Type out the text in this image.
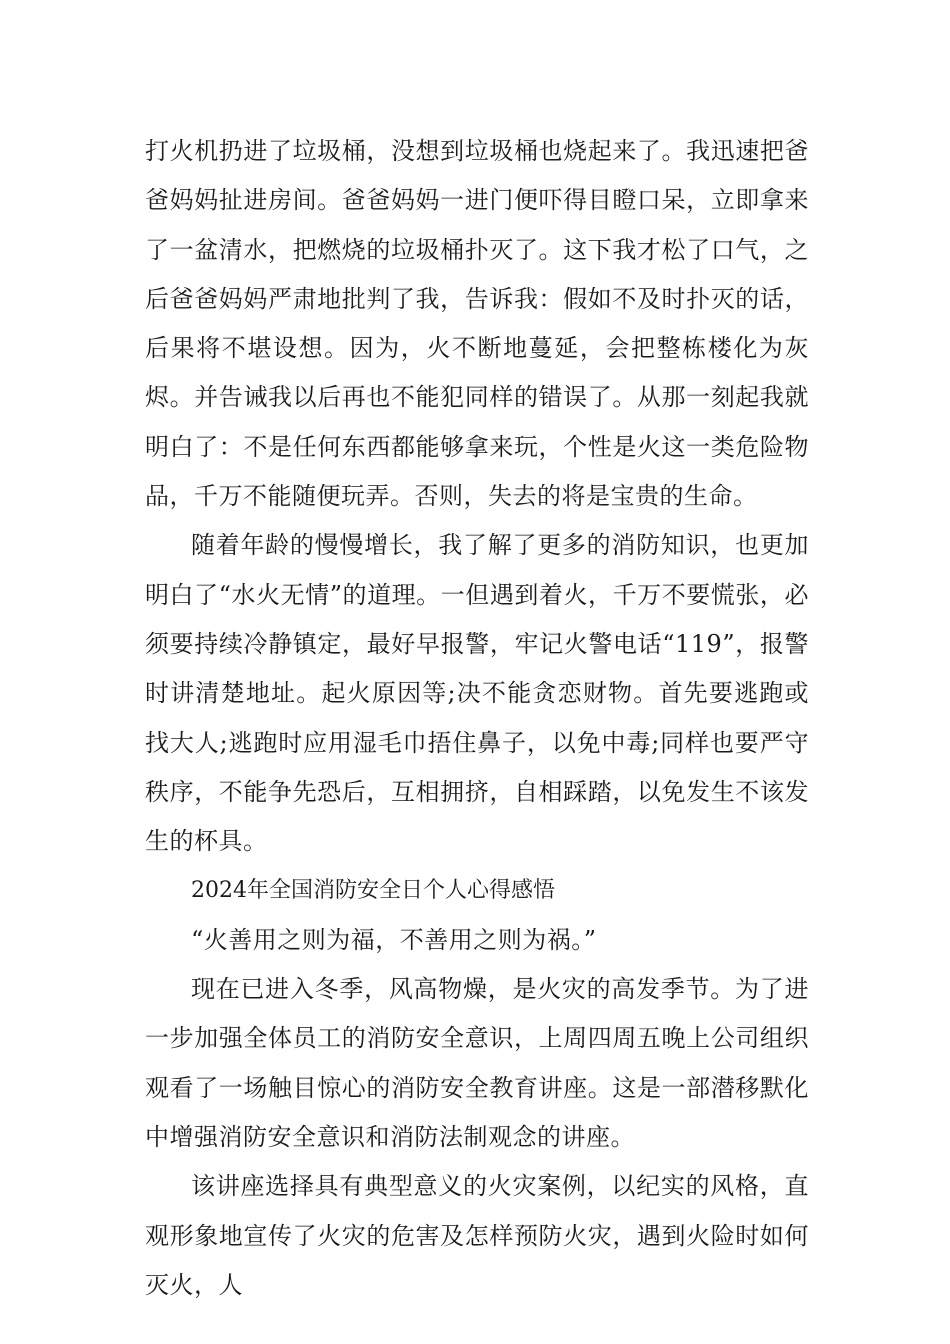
打火机扔进了垃圾桶，没想到垃圾桶也烧起来了。我迅速把爸爸妈妈扯进房间。爸爸妈妈一进门便吓得目瞪口呆，立即拿来了一盆清水，把燃烧的垃圾桶扑灭了。这下我才松了口气，之后爸爸妈妈严肃地批判了我，告诉我：假如不及时扑灭的话，后果将不堪设想。因为，火不断地蔓延，会把整栋楼化为灰烬。并告诫我以后再也不能犯同样的错误了。从那一刻起我就明白了：不是任何东西都能够拿来玩，个性是火这一类危险物品，千万不能随便玩弄。否则，失去的将是宝贵的生命。

随着年龄的慢慢增长，我了解了更多的消防知识，也更加明白了“水火无情”的道理。一但遇到着火，千万不要慌张，必须要持续冷静镇定，最好早报警，牢记火警电话“119”，报警时讲清楚地址。起火原因等;决不能贪恋财物。首先要逃跑或找大人;逃跑时应用湿毛巾捂住鼻子，以免中毒;同样也要严守秩序，不能争先恐后，互相拥挤，自相踩踏，以免发生不该发生的杯具。

2024年全国消防安全日个人心得感悟

“火善用之则为福，不善用之则为祸。”

现在已进入冬季，风高物燥，是火灾的高发季节。为了进一步加强全体员工的消防安全意识，上周四周五晚上公司组织观看了一场触目惊心的消防安全教育讲座。这是一部潜移默化中增强消防安全意识和消防法制观念的讲座。

该讲座选择具有典型意义的火灾案例，以纪实的风格，直观形象地宣传了火灾的危害及怎样预防火灾，遇到火险时如何灭火，人
